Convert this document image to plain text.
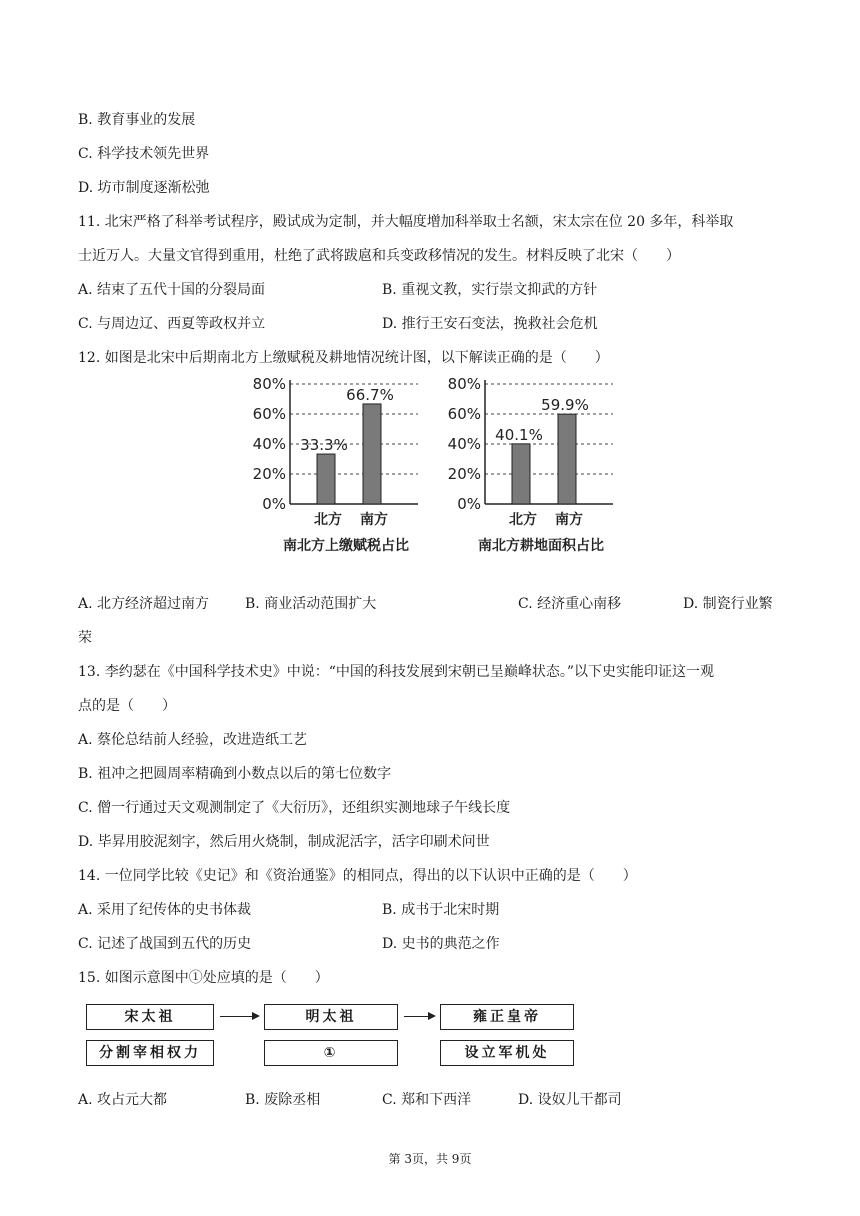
B. 教育事业的发展
C. 科学技术领先世界
D. 坊市制度逐渐松弛
11. 北宋严格了科举考试程序，殿试成为定制，并大幅度增加科举取士名额，宋太宗在位 20 多年，科举取
士近万人。大量文官得到重用，杜绝了武将跋扈和兵变政移情况的发生。材料反映了北宋（　　）
A. 结束了五代十国的分裂局面	B. 重视文教，实行崇文抑武的方针
C. 与周边辽、西夏等政权并立	D. 推行王安石变法，挽救社会危机
12. 如图是北宋中后期南北方上缴赋税及耕地情况统计图，以下解读正确的是（　　）
0%
20%
40%
60%
80%
33.3%
北方
66.7%
南方
南北方上缴赋税占比
0%
20%
40%
60%
80%
40.1%
北方
59.9%
南方
南北方耕地面积占比
A. 北方经济超过南方	B. 商业活动范围扩大	C. 经济重心南移	D. 制瓷行业繁
荣
13. 李约瑟在《中国科学技术史》中说：“中国的科技发展到宋朝已呈巅峰状态。”以下史实能印证这一观
点的是（　　）
A. 蔡伦总结前人经验，改进造纸工艺
B. 祖冲之把圆周率精确到小数点以后的第七位数字
C. 僧一行通过天文观测制定了《大衍历》，还组织实测地球子午线长度
D. 毕昇用胶泥刻字，然后用火烧制，制成泥活字，活字印刷术问世
14. 一位同学比较《史记》和《资治通鉴》的相同点，得出的以下认识中正确的是（　　）
A. 采用了纪传体的史书体裁	B. 成书于北宋时期
C. 记述了战国到五代的历史	D. 史书的典范之作
15. 如图示意图中①处应填的是（　　）
宋太祖
分割宰相权力
明太祖
①
雍正皇帝
设立军机处
A. 攻占元大都	B. 废除丞相	C. 郑和下西洋	D. 设奴儿干都司
第 3页，共 9页
